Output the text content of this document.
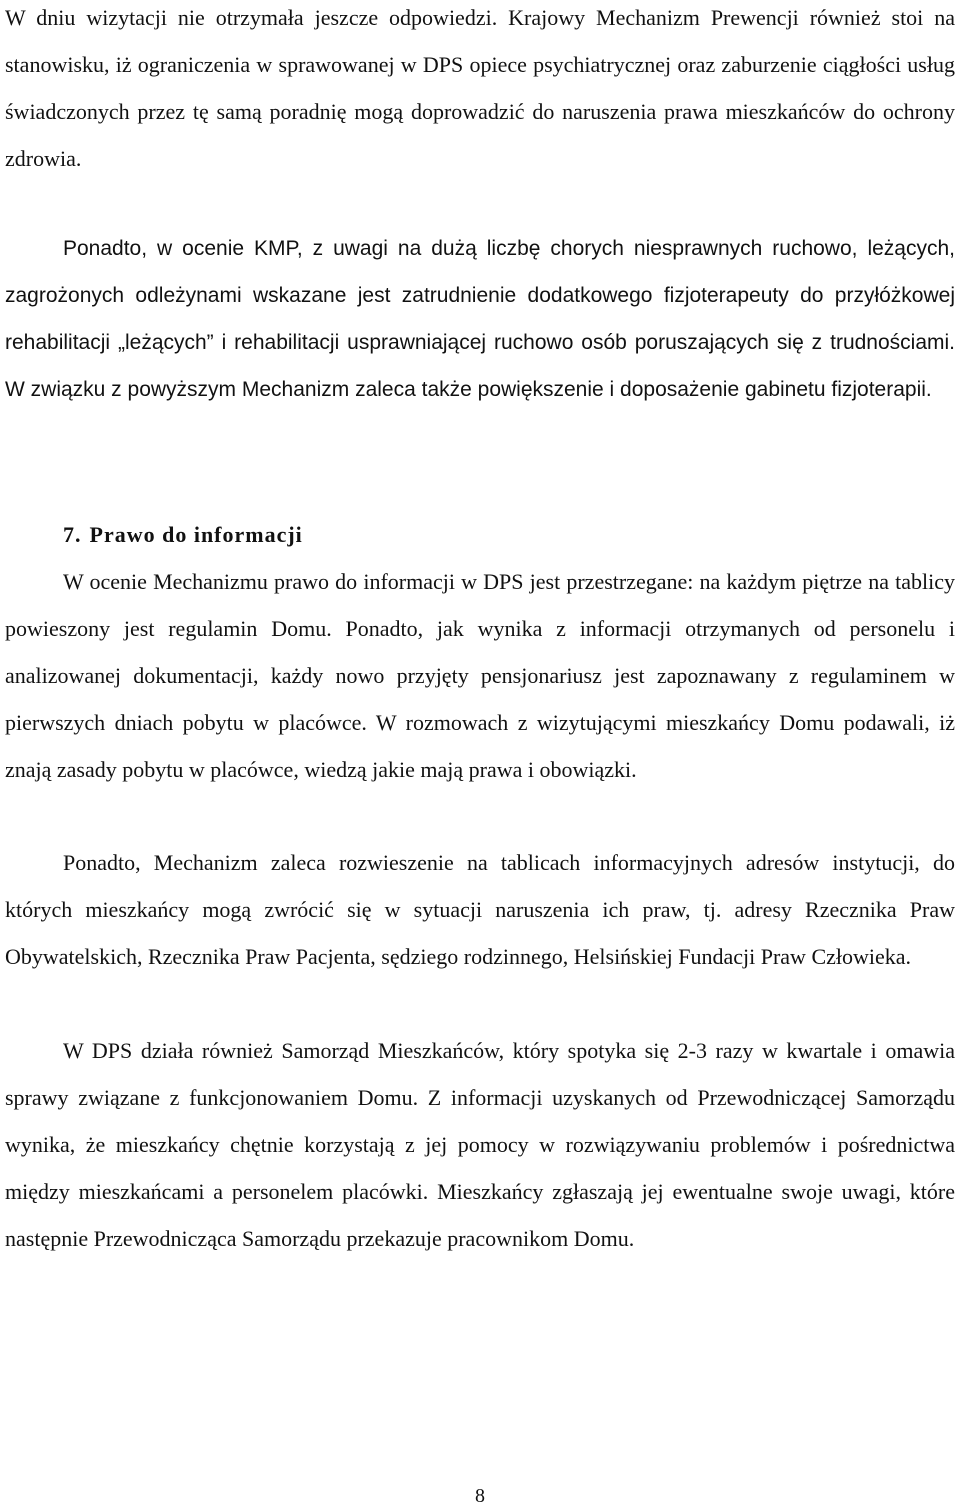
W dniu wizytacji nie otrzymała jeszcze odpowiedzi. Krajowy Mechanizm Prewencji również stoi na stanowisku, iż ograniczenia w sprawowanej w DPS opiece psychiatrycznej oraz zaburzenie ciągłości usług świadczonych przez tę samą poradnię mogą doprowadzić do naruszenia prawa mieszkańców do ochrony zdrowia.

Ponadto, w ocenie KMP, z uwagi na dużą liczbę chorych niesprawnych ruchowo, leżących, zagrożonych odleżynami wskazane jest zatrudnienie dodatkowego fizjoterapeuty do przyłóżkowej rehabilitacji „leżących” i rehabilitacji usprawniającej ruchowo osób poruszających się z trudnościami. W związku z powyższym Mechanizm zaleca także powiększenie i doposażenie gabinetu fizjoterapii.

7. Prawo do informacji

W ocenie Mechanizmu prawo do informacji w DPS jest przestrzegane: na każdym piętrze na tablicy powieszony jest regulamin Domu. Ponadto, jak wynika z informacji otrzymanych od personelu i analizowanej dokumentacji, każdy nowo przyjęty pensjonariusz jest zapoznawany z regulaminem w pierwszych dniach pobytu w placówce. W rozmowach z wizytującymi mieszkańcy Domu podawali, iż znają zasady pobytu w placówce, wiedzą jakie mają prawa i obowiązki.

Ponadto, Mechanizm zaleca rozwieszenie na tablicach informacyjnych adresów instytucji, do których mieszkańcy mogą zwrócić się w sytuacji naruszenia ich praw, tj. adresy Rzecznika Praw Obywatelskich, Rzecznika Praw Pacjenta, sędziego rodzinnego, Helsińskiej Fundacji Praw Człowieka.

W DPS działa również Samorząd Mieszkańców, który spotyka się 2-3 razy w kwartale i omawia sprawy związane z funkcjonowaniem Domu. Z informacji uzyskanych od Przewodniczącej Samorządu wynika, że mieszkańcy chętnie korzystają z jej pomocy w rozwiązywaniu problemów i pośrednictwa między mieszkańcami a personelem placówki. Mieszkańcy zgłaszają jej ewentualne swoje uwagi, które następnie Przewodnicząca Samorządu przekazuje pracownikom Domu.

8
